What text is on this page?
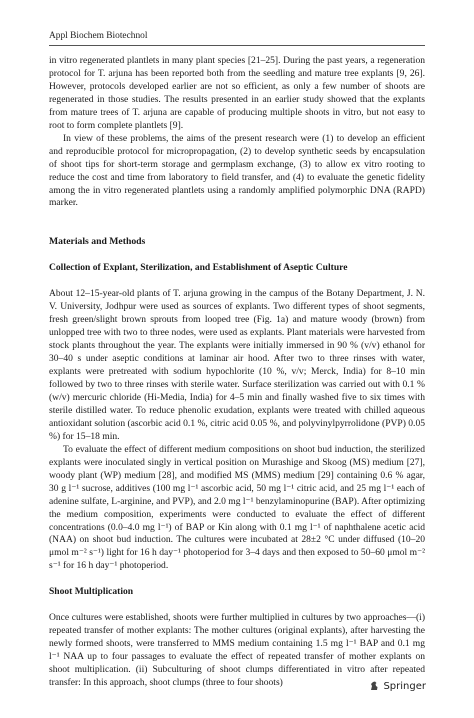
Appl Biochem Biotechnol

in vitro regenerated plantlets in many plant species [21–25]. During the past years, a regeneration protocol for T. arjuna has been reported both from the seedling and mature tree explants [9, 26]. However, protocols developed earlier are not so efficient, as only a few number of shoots are regenerated in those studies. The results presented in an earlier study showed that the explants from mature trees of T. arjuna are capable of producing multiple shoots in vitro, but not easy to root to form complete plantlets [9].

In view of these problems, the aims of the present research were (1) to develop an efficient and reproducible protocol for micropropagation, (2) to develop synthetic seeds by encapsulation of shoot tips for short-term storage and germplasm exchange, (3) to allow ex vitro rooting to reduce the cost and time from laboratory to field transfer, and (4) to evaluate the genetic fidelity among the in vitro regenerated plantlets using a randomly amplified polymorphic DNA (RAPD) marker.

Materials and Methods
Collection of Explant, Sterilization, and Establishment of Aseptic Culture

About 12–15-year-old plants of T. arjuna growing in the campus of the Botany Department, J. N. V. University, Jodhpur were used as sources of explants. Two different types of shoot segments, fresh green/slight brown sprouts from looped tree (Fig. 1a) and mature woody (brown) from unlopped tree with two to three nodes, were used as explants. Plant materials were harvested from stock plants throughout the year. The explants were initially immersed in 90 % (v/v) ethanol for 30–40 s under aseptic conditions at laminar air hood. After two to three rinses with water, explants were pretreated with sodium hypochlorite (10 %, v/v; Merck, India) for 8–10 min followed by two to three rinses with sterile water. Surface sterilization was carried out with 0.1 % (w/v) mercuric chloride (Hi-Media, India) for 4–5 min and finally washed five to six times with sterile distilled water. To reduce phenolic exudation, explants were treated with chilled aqueous antioxidant solution (ascorbic acid 0.1 %, citric acid 0.05 %, and polyvinylpyrrolidone (PVP) 0.05 %) for 15–18 min.

To evaluate the effect of different medium compositions on shoot bud induction, the sterilized explants were inoculated singly in vertical position on Murashige and Skoog (MS) medium [27], woody plant (WP) medium [28], and modified MS (MMS) medium [29] containing 0.6 % agar, 30 g l⁻¹ sucrose, additives (100 mg l⁻¹ ascorbic acid, 50 mg l⁻¹ citric acid, and 25 mg l⁻¹ each of adenine sulfate, L-arginine, and PVP), and 2.0 mg l⁻¹ benzylaminopurine (BAP). After optimizing the medium composition, experiments were conducted to evaluate the effect of different concentrations (0.0–4.0 mg l⁻¹) of BAP or Kin along with 0.1 mg l⁻¹ of naphthalene acetic acid (NAA) on shoot bud induction. The cultures were incubated at 28±2 °C under diffused (10–20 μmol m⁻² s⁻¹) light for 16 h day⁻¹ photoperiod for 3–4 days and then exposed to 50–60 μmol m⁻² s⁻¹ for 16 h day⁻¹ photoperiod.

Shoot Multiplication

Once cultures were established, shoots were further multiplied in cultures by two approaches—(i) repeated transfer of mother explants: The mother cultures (original explants), after harvesting the newly formed shoots, were transferred to MMS medium containing 1.5 mg l⁻¹ BAP and 0.1 mg l⁻¹ NAA up to four passages to evaluate the effect of repeated transfer of mother explants on shoot multiplication. (ii) Subculturing of shoot clumps differentiated in vitro after repeated transfer: In this approach, shoot clumps (three to four shoots)	Springer
